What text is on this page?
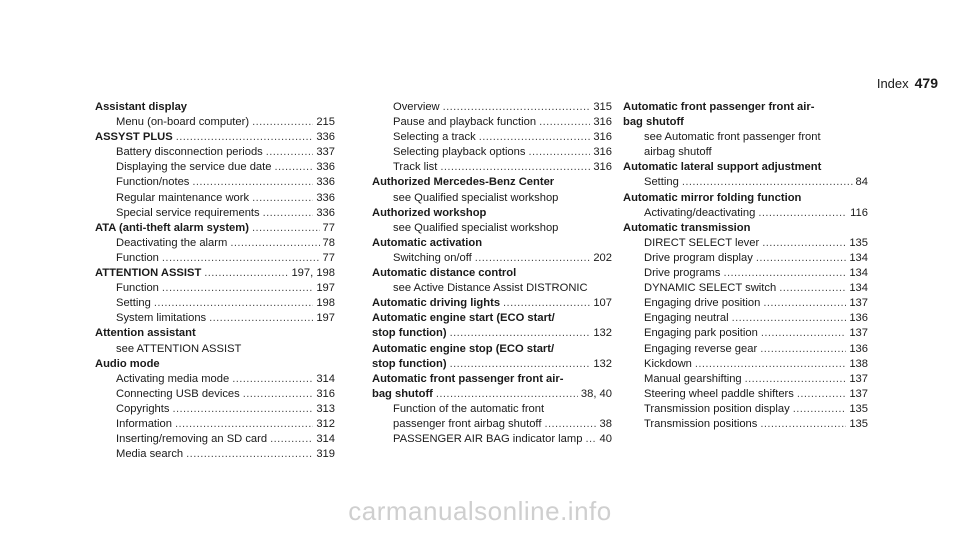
Index 479
Assistant display
Menu (on-board computer) .....	215
ASSYST PLUS .....	336
Battery disconnection periods .....	337
Displaying the service due date .....	336
Function/notes .....	336
Regular maintenance work .....	336
Special service requirements .....	336
ATA (anti-theft alarm system) .....	77
Deactivating the alarm .....	78
Function .....	77
ATTENTION ASSIST .....	197, 198
Function .....	197
Setting .....	198
System limitations .....	197
Attention assistant
see ATTENTION ASSIST
Audio mode
Activating media mode .....	314
Connecting USB devices .....	316
Copyrights .....	313
Information .....	312
Inserting/removing an SD card .....	314
Media search .....	319
Overview .....	315
Pause and playback function .....	316
Selecting a track .....	316
Selecting playback options .....	316
Track list .....	316
Authorized Mercedes-Benz Center
see Qualified specialist workshop
Authorized workshop
see Qualified specialist workshop
Automatic activation
Switching on/off .....	202
Automatic distance control
see Active Distance Assist DISTRONIC
Automatic driving lights .....	107
Automatic engine start (ECO start/
stop function) .....	132
Automatic engine stop (ECO start/
stop function) .....	132
Automatic front passenger front air-
bag shutoff .....	38, 40
Function of the automatic front
passenger front airbag shutoff .....	38
PASSENGER AIR BAG indicator lamp ..... 40
Automatic front passenger front air-
bag shutoff
see Automatic front passenger front
airbag shutoff
Automatic lateral support adjustment
Setting .....	84
Automatic mirror folding function
Activating/deactivating .....	116
Automatic transmission
DIRECT SELECT lever .....	135
Drive program display .....	134
Drive programs .....	134
DYNAMIC SELECT switch .....	134
Engaging drive position .....	137
Engaging neutral .....	136
Engaging park position .....	137
Engaging reverse gear .....	136
Kickdown .....	138
Manual gearshifting .....	137
Steering wheel paddle shifters .....	137
Transmission position display .....	135
Transmission positions .....	135
carmanualsonline.info
